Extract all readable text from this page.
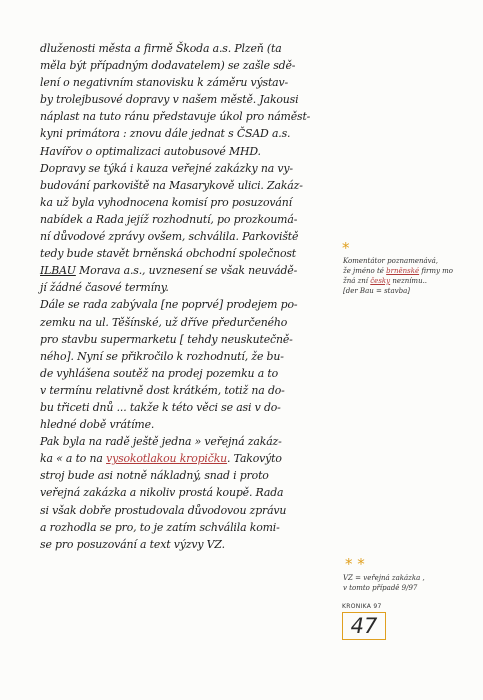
dluženosti města a firmě Škoda a.s. Plzeň (ta
měla být případným dodavatelem) se zašle sdě-
lení o negativním stanovisku k záměru výstav-
by trolejbusové dopravy v našem městě. Jakousi
náplast na tuto ránu představuje úkol pro náměst-
kyni primátora : znovu dále jednat s ČSAD a.s.
Havířov o optimalizaci autobusové MHD.
Dopravy se týká i kauza veřejné zakázky na vy-
budování parkoviště na Masarykově ulici. Zakáz-
ka už byla vyhodnocena komisí pro posuzování
nabídek a Rada jejíž rozhodnutí, po prozkoumá-
ní důvodové zprávy ovšem, schválila. Parkoviště
tedy bude stavět brněnská obchodní společnost
ILBAU Morava a.s., uvznesení se však neuvádě-
jí žádné časové termíny.
Dále se rada zabývala [ne poprvé] prodejem po-
zemku na ul. Těšínské, už dříve předurčeného
pro stavbu supermarketu [ tehdy neuskutečně-
ného]. Nyní se přikročilo k rozhodnutí, že bu-
de vyhlášena soutěž na prodej pozemku a to
v termínu relativně dost krátkém, totiž na do-
bu třiceti dnů ... takže k této věci se asi v do-
hledné době vrátíme.
Pak byla na radě ještě jedna » veřejná zakáz-
ka « a to na vysokotlakou kropičku. Takovýto
stroj bude asi notně nákladný, snad i proto
veřejná zakázka a nikoliv prostá koupě. Rada
si však dobře prostudovala důvodovou zprávu
a rozhodla se pro, to je zatím schválila komi-
se pro posuzování a text výzvy VZ.
*
Komentátor poznamenává,
že jméno té brněnské firmy mo
žná zní česky neznímu..
[der Bau = stavba]
* *
VZ = veřejná zakázka ,
v tomto případě 9/97
KRONIKA 97
47
